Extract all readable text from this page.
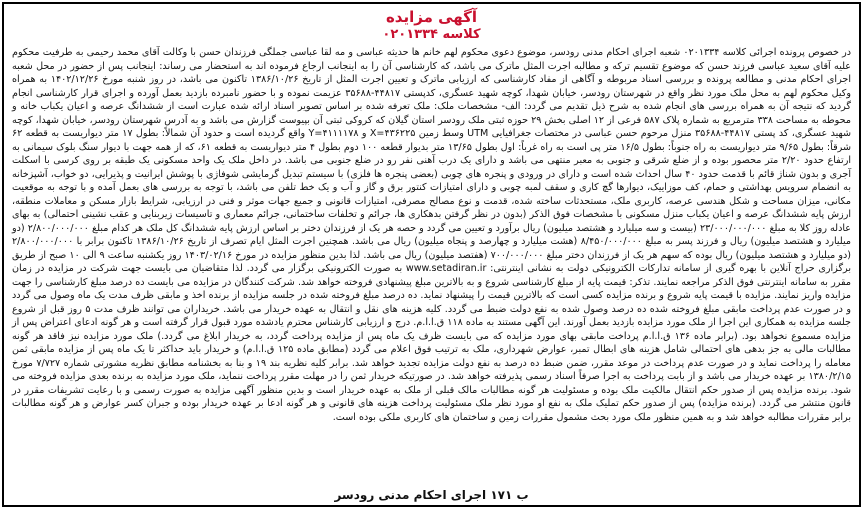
آگهی مزایده
کلاسه ۰۲۰۱۳۳۴

در خصوص پرونده اجرائی کلاسه ۰۲۰۱۳۳۴ شعبه اجرای احکام مدنی رودسر، موضوع دعوی محکوم لهم خانم ها حدیثه عباسی و مه لقا عباسی جملگی فرزندان حسن با وکالت آقای محمد رحیمی به طرفیت محکوم علیه آقای سعید عباسی فرزند حسن که موضوع تقسیم ترکه و مطالبه اجرت المثل ماترک می باشد، که کارشناسی آن را به اینجانب ارجاع فرموده اند به استحضار می رساند: اینجانب پس از حضور در محل شعبه اجرای احکام مدنی و مطالعه پرونده و بررسی اسناد مربوطه و آگاهی از مفاد کارشناسی که ارزیابی ماترک و تعیین اجرت المثل از تاریخ ۱۳۸۶/۱۰/۲۶ تاکنون می باشد، در روز شنبه مورخ ۱۴۰۲/۱۲/۲۶ به همراه وکیل محکوم لهم به محل ملک مورد نظر واقع در شهرستان رودسر، خیابان شهدا، کوچه شهید عسگری، کدپستی ۴۴۸۱۷-۳۵۶۸۸ عزیمت نموده و با حضور نامبرده بازدید بعمل آورده و اجرای قرار کارشناسی انجام گردید که نتیجه آن به همراه بررسی های انجام شده به شرح ذیل تقدیم می گردد: الف- مشخصات ملک: ملک تعرفه شده بر اساس تصویر اسناد ارائه شده عبارت است از ششدانگ عرصه و اعیان یکباب خانه و محوطه به مساحت ۳۳۸ مترمربع به شماره پلاک ۵۸۷ فرعی از ۱۲ اصلی بخش ۲۹ حوزه ثبتی ملک رودسر استان گیلان که کروکی ثبتی آن بپیوست گزارش می باشد و به آدرس شهرستان رودسر، خیابان شهدا، کوچه شهید عسگری، کد پستی ۴۴۸۱۷-۳۵۶۸۸ منزل مرحوم حسن عباسی در مختصات جغرافیایی UTM وسط زمین X=۴۳۶۲۲۵ و Y=۴۱۱۱۱۷۸ واقع گردیده است و حدود آن شمالاً: بطول ۱۷ متر دیواریست به قطعه ۶۲ شرقاً: بطول ۹/۶۵ متر دیواریست به راه جنوباً: بطول ۱۶/۵ متر پی است به راه غرباً: اول بطول ۱۳/۶۵ متر بدیوار قطعه ۱۰۰ دوم بطول ۴ متر دیواریست به قطعه ۶۱، که از همه جهت با دیوار سنگ بلوک سیمانی به ارتفاع حدود ۲/۲۰ متر محصور بوده و از ضلع شرقی و جنوبی به معبر منتهی می باشد و دارای یک درب آهنی نفر رو در ضلع جنوبی می باشد. در داخل ملک یک واحد مسکونی یک طبقه بر روی کرسی با اسکلت آجری و بدون شناژ قائم با قدمت حدود ۴۰ سال احداث شده است و دارای در ورودی و پنجره های چوبی (بعضی پنجره ها فلزی) با سیستم تبدیل گرمایشی شوفاژی با پوشش ایرانیت و پذیرایی، دو خواب، آشپزخانه به انضمام سرویس بهداشتی و حمام، کف موزاییک، دیوارها گچ کاری و سقف لمبه چوبی و دارای امتیازات کنتور برق و گاز و آب و یک خط تلفن می باشد، با توجه به بررسی های بعمل آمده و با توجه به موقعیت مکانی، میزان مساحت و شکل هندسی عرصه، کاربری ملک، مستحدثات ساخته شده، قدمت و نوع مصالح مصرفی، امتیازات قانونی و جمیع جهات موثر و فنی در ارزیابی، شرایط بازار مسکن و معاملات منطقه، ارزش پایه ششدانگ عرصه و اعیان یکباب منزل مسکونی با مشخصات فوق الذکر (بدون در نظر گرفتن بدهکاری ها، جرائم و تخلفات ساختمانی، جرائم معماری و تاسیسات زیربنایی و عقب نشینی احتمالی) به بهای عادله روز کلا به مبلغ ۲۳/۰۰۰/۰۰۰/۰۰۰ (بیست و سه میلیارد و هشتصد میلیون) ریال برآورد و تعیین می گردد و حصه هر یک از فرزندان دختر بر اساس ارزش پایه ششدانگ کل ملک هر کدام مبلغ ۲/۸۰۰/۰۰۰/۰۰۰ (دو میلیارد و هشتصد میلیون) ریال و فرزند پسر به مبلغ ۸/۴۵۰/۰۰۰/۰۰۰ (هشت میلیارد و چهارصد و پنجاه میلیون) ریال می باشد. همچنین اجرت المثل ایام تصرف از تاریخ ۱۳۸۶/۱۰/۲۶ تاکنون برابر با ۲/۸۰۰/۰۰۰/۰۰۰ (دو میلیارد و هشتصد میلیون) ریال بوده که سهم هر یک از فرزندان دختر مبلغ ۷۰۰/۰۰۰/۰۰۰ (هفتصد میلیون) ریال می باشد. لذا بدین منظور مزایده در مورخ ۱۴۰۳/۰۲/۱۶ روز یکشنبه ساعت ۹ الی ۱۰ صبح از طریق برگزاری حراج آنلاین با بهره گیری از سامانه تدارکات الکترونیکی دولت به نشانی اینترنتی: www.setadiran.ir به صورت الکترونیکی برگزار می گردد. لذا متقاضیان می بایست جهت شرکت در مزایده در زمان مقرر به سامانه اینترنتی فوق الذکر مراجعه نمایند. تذکر: قیمت پایه از مبلغ کارشناسی شروع و به بالاترین مبلغ پیشنهادی فروخته خواهد شد. شرکت کنندگان در مزایده می بایست ده درصد مبلغ کارشناسی را جهت مزایده واریز نمایند. مزایده با قیمت پایه شروع و برنده مزایده کسی است که بالاترین قیمت را پیشنهاد نماید. ده درصد مبلغ فروخته شده در جلسه مزایده از برنده اخذ و مابقی ظرف مدت یک ماه وصول می گردد و در صورت عدم پرداخت مابقی مبلغ فروخته شده ده درصد وصول شده به نفع دولت ضبط می گردد. کلیه هزینه های نقل و انتقال به عهده خریدار می باشد. خریداران می توانند ظرف مدت ۵ روز قبل از شروع جلسه مزایده به همکاری این اجرا از ملک مورد مزایده بازدید بعمل آورند. این آگهی مستند به ماده ۱۱۸ ق.ا.ا.م. درج و ارزیابی کارشناس محترم یادشده مورد قبول قرار گرفته است و هر گونه ادعای اعتراض پس از مزایده مسموع نخواهد بود. (برابر ماده ۱۳۶ ق.ا.ا.م پرداخت مابقی بهای مورد مزایده که می بایست ظرف یک ماه پس از مزایده پرداخت گردد، به خریدار ابلاغ می گردد.) ملک مورد مزایده نیز فاقد هر گونه مطالبات مالی به جز بدهی های احتمالی شامل هزینه های ابطال تمبر، عوارض شهرداری، ملک به ترتیب فوق اعلام می گردد (مطابق ماده ۱۲۵ ق.ا.ا.م) و خریدار باید حداکثر تا یک ماه پس از مزایده مابقی ثمن معامله را پرداخت نماید و در صورت عدم پرداخت در موعد مقرر، ضمن ضبط ده درصد به نفع دولت مزایده تجدید خواهد شد. برابر کلیه نظریه بند ۱۹ و بنا به بخشنامه مطابق نظریه مشورتی شماره ۷/۷۲۷ مورخ ۱۳۸۰/۲/۱۵ بر عهده خریدار می باشد و از بابت پرداخت به اجرا صرفاً اسناد رسمی پذیرفته خواهد شد. در صورتیکه خریدار ثمن را در مهلت مقرر پرداخت ننماید، ملک مورد مزایده به برنده بعدی مزایده فروخته می شود. برنده مزایده پس از صدور حکم انتقال مالکیت ملک بوده و مسئولیت هر گونه مطالبات مالک قبلی از ملک به عهده خریدار است و بدین منظور آگهی مزایده به صورت رسمی و با رعایت تشریفات مقرر در قانون منتشر می گردد. (برنده مزایده) پس از صدور حکم تملیک ملک به نفع او مورد نظر ملک مسئولیت پرداخت هزینه های قانونی و هر گونه ادعا بر عهده خریدار بوده و جبران کسر عوارض و هر گونه مطالبات برابر مقررات مطالبه خواهد شد و به همین منظور ملک مورد بحث مشمول مقررات زمین و ساختمان های کاربری ملکی بوده است.

ب ۱۷۱ اجرای احکام مدنی رودسر
